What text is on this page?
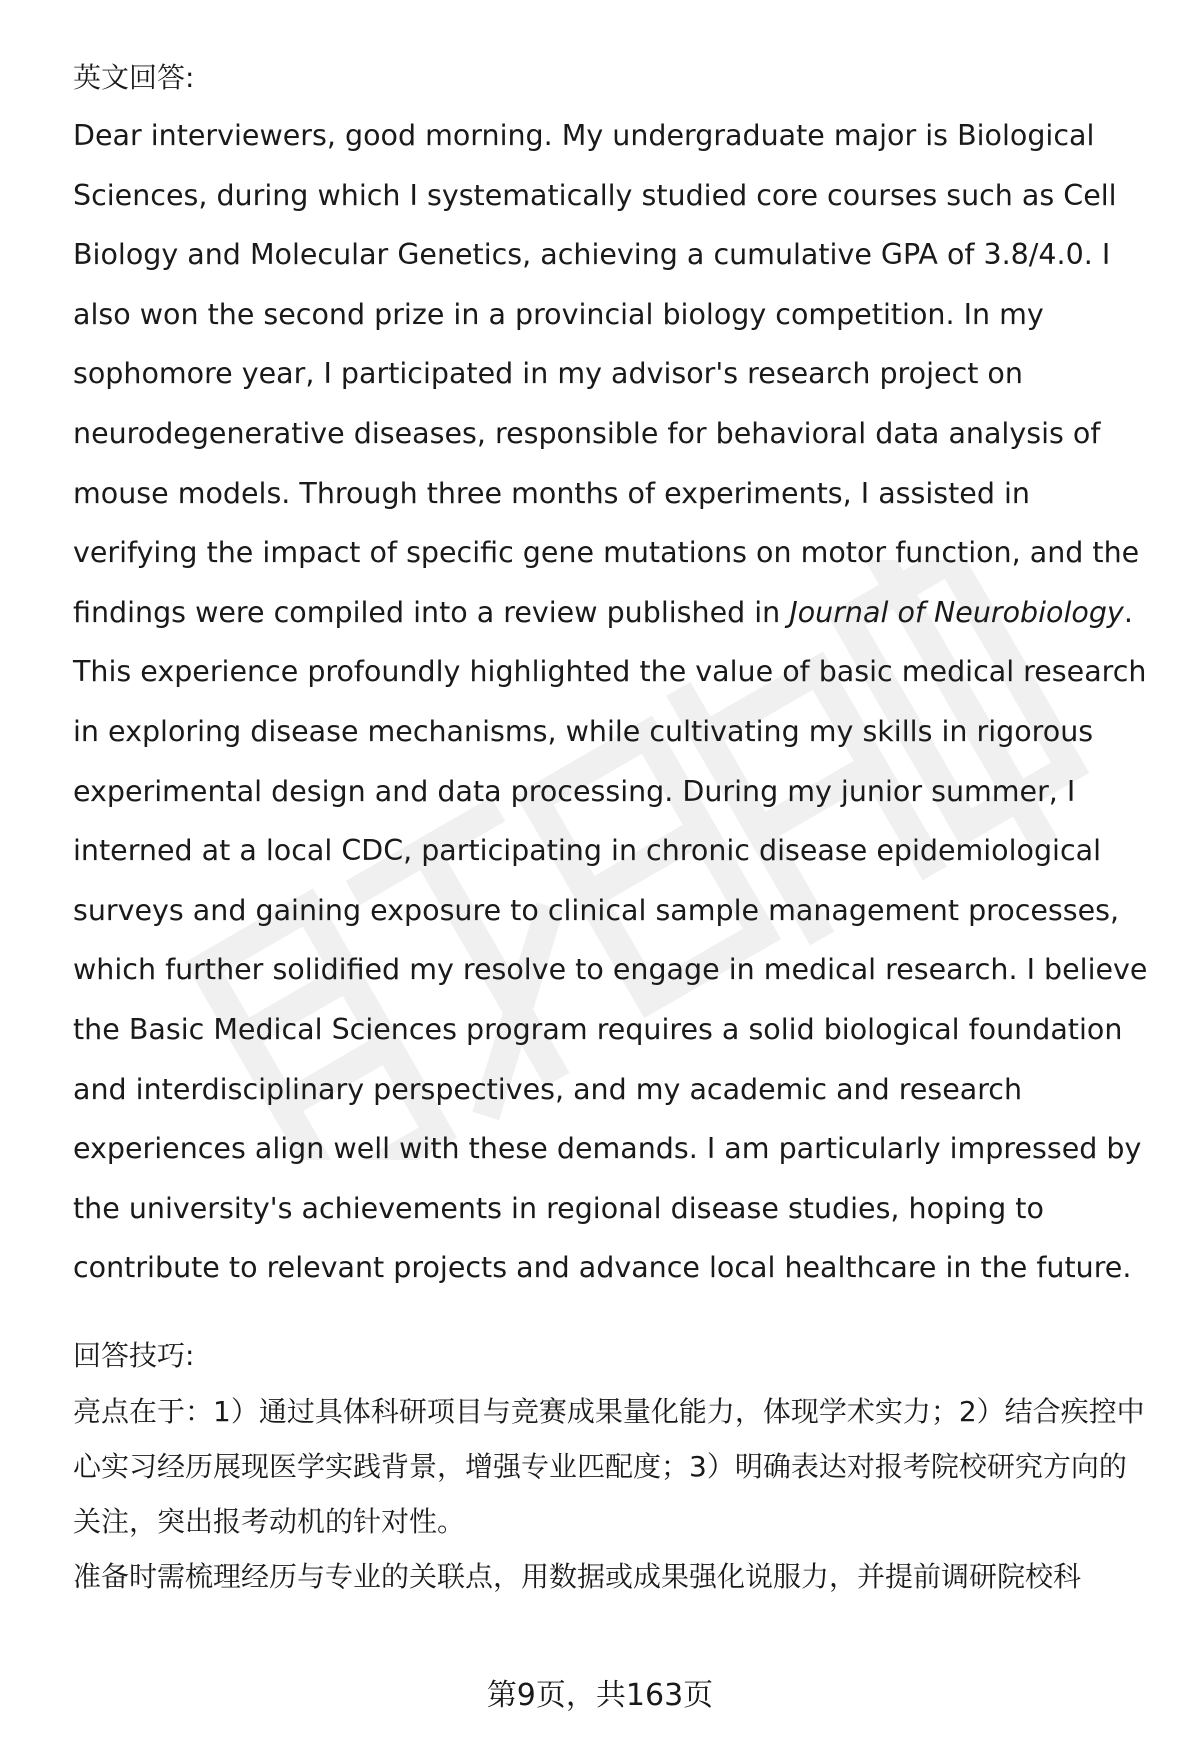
英文回答:

Dear interviewers, good morning. My undergraduate major is Biological Sciences, during which I systematically studied core courses such as Cell Biology and Molecular Genetics, achieving a cumulative GPA of 3.8/4.0. I also won the second prize in a provincial biology competition. In my sophomore year, I participated in my advisor's research project on neurodegenerative diseases, responsible for behavioral data analysis of mouse models. Through three months of experiments, I assisted in verifying the impact of specific gene mutations on motor function, and the findings were compiled into a review published in Journal of Neurobiology. This experience profoundly highlighted the value of basic medical research in exploring disease mechanisms, while cultivating my skills in rigorous experimental design and data processing. During my junior summer, I interned at a local CDC, participating in chronic disease epidemiological surveys and gaining exposure to clinical sample management processes, which further solidified my resolve to engage in medical research. I believe the Basic Medical Sciences program requires a solid biological foundation and interdisciplinary perspectives, and my academic and research experiences align well with these demands. I am particularly impressed by the university's achievements in regional disease studies, hoping to contribute to relevant projects and advance local healthcare in the future.

回答技巧:

亮点在于：1）通过具体科研项目与竞赛成果量化能力，体现学术实力；2）结合疾控中心实习经历展现医学实践背景，增强专业匹配度；3）明确表达对报考院校研究方向的关注，突出报考动机的针对性。

准备时需梳理经历与专业的关联点，用数据或成果强化说服力，并提前调研院校科

第9页，共163页
